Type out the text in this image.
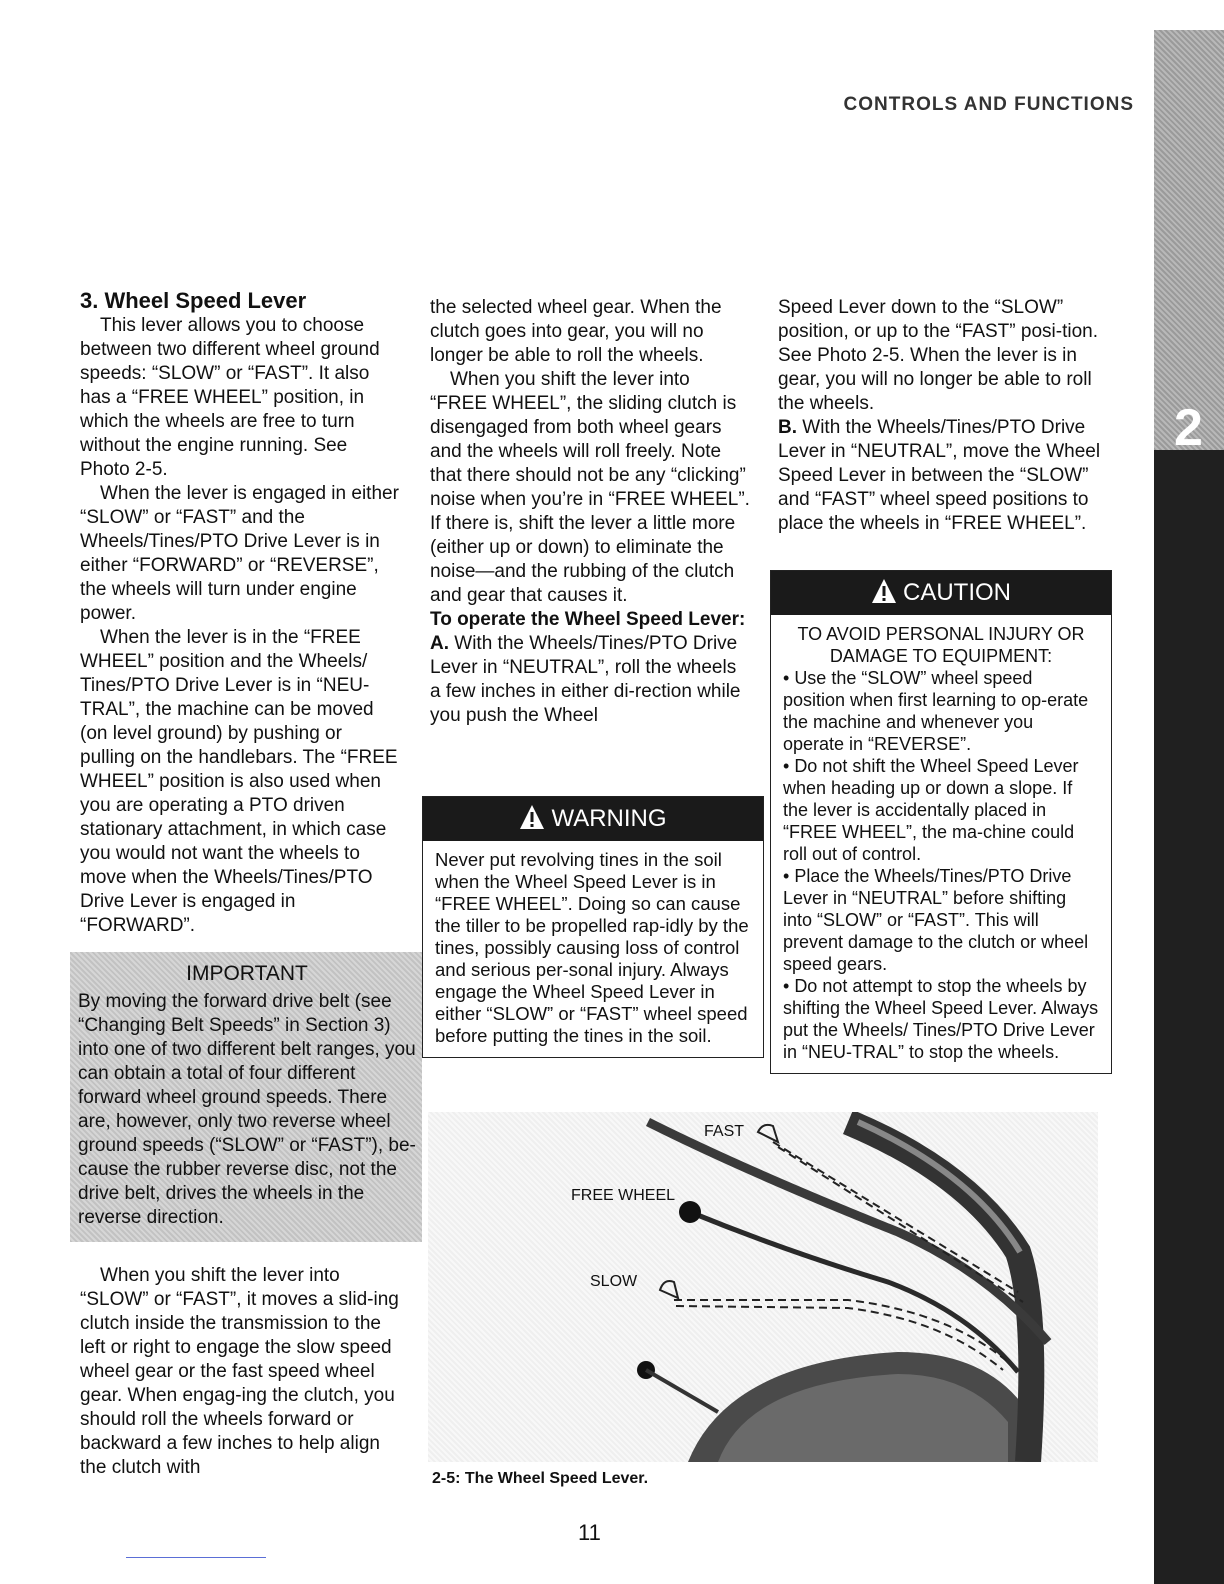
CONTROLS AND FUNCTIONS
2

3. Wheel Speed Lever

This lever allows you to choose between two different wheel ground speeds: “SLOW” or “FAST”. It also has a “FREE WHEEL” position, in which the wheels are free to turn without the engine running. See Photo 2-5.

When the lever is engaged in either “SLOW” or “FAST” and the Wheels/Tines/PTO Drive Lever is in either “FORWARD” or “REVERSE”, the wheels will turn under engine power.

When the lever is in the “FREE WHEEL” position and the Wheels/ Tines/PTO Drive Lever is in “NEU-TRAL”, the machine can be moved (on level ground) by pushing or pulling on the handlebars. The “FREE WHEEL” position is also used when you are operating a PTO driven stationary attachment, in which case you would not want the wheels to move when the Wheels/Tines/PTO Drive Lever is engaged in “FORWARD”.

IMPORTANT

By moving the forward drive belt (see “Changing Belt Speeds” in Section 3) into one of two different belt ranges, you can obtain a total of four different forward wheel ground speeds. There are, however, only two reverse wheel ground speeds (“SLOW” or “FAST”), be-cause the rubber reverse disc, not the drive belt, drives the wheels in the reverse direction.

When you shift the lever into “SLOW” or “FAST”, it moves a slid-ing clutch inside the transmission to the left or right to engage the slow speed wheel gear or the fast speed wheel gear. When engag-ing the clutch, you should roll the wheels forward or backward a few inches to help align the clutch with

the selected wheel gear. When the clutch goes into gear, you will no longer be able to roll the wheels.

When you shift the lever into “FREE WHEEL”, the sliding clutch is disengaged from both wheel gears and the wheels will roll freely. Note that there should not be any “clicking” noise when you’re in “FREE WHEEL”. If there is, shift the lever a little more (either up or down) to eliminate the noise—and the rubbing of the clutch and gear that causes it.

To operate the Wheel Speed Lever:

A. With the Wheels/Tines/PTO Drive Lever in “NEUTRAL”, roll the wheels a few inches in either di-rection while you push the Wheel

WARNING
Never put revolving tines in the soil when the Wheel Speed Lever is in “FREE WHEEL”. Doing so can cause the tiller to be propelled rap-idly by the tines, possibly causing loss of control and serious per-sonal injury. Always engage the Wheel Speed Lever in either “SLOW” or “FAST” wheel speed before putting the tines in the soil.

Speed Lever down to the “SLOW” position, or up to the “FAST” posi-tion. See Photo 2-5. When the lever is in gear, you will no longer be able to roll the wheels.

B. With the Wheels/Tines/PTO Drive Lever in “NEUTRAL”, move the Wheel Speed Lever in between the “SLOW” and “FAST” wheel speed positions to place the wheels in “FREE WHEEL”.

CAUTION
TO AVOID PERSONAL INJURY OR DAMAGE TO EQUIPMENT:
• Use the “SLOW” wheel speed position when first learning to op-erate the machine and whenever you operate in “REVERSE”.
• Do not shift the Wheel Speed Lever when heading up or down a slope. If the lever is accidentally placed in “FREE WHEEL”, the ma-chine could roll out of control.
• Place the Wheels/Tines/PTO Drive Lever in “NEUTRAL” before shifting into “SLOW” or “FAST”. This will prevent damage to the clutch or wheel speed gears.
• Do not attempt to stop the wheels by shifting the Wheel Speed Lever. Always put the Wheels/ Tines/PTO Drive Lever in “NEU-TRAL” to stop the wheels.
FAST
FREE WHEEL
SLOW
2-5: The Wheel Speed Lever.
11
